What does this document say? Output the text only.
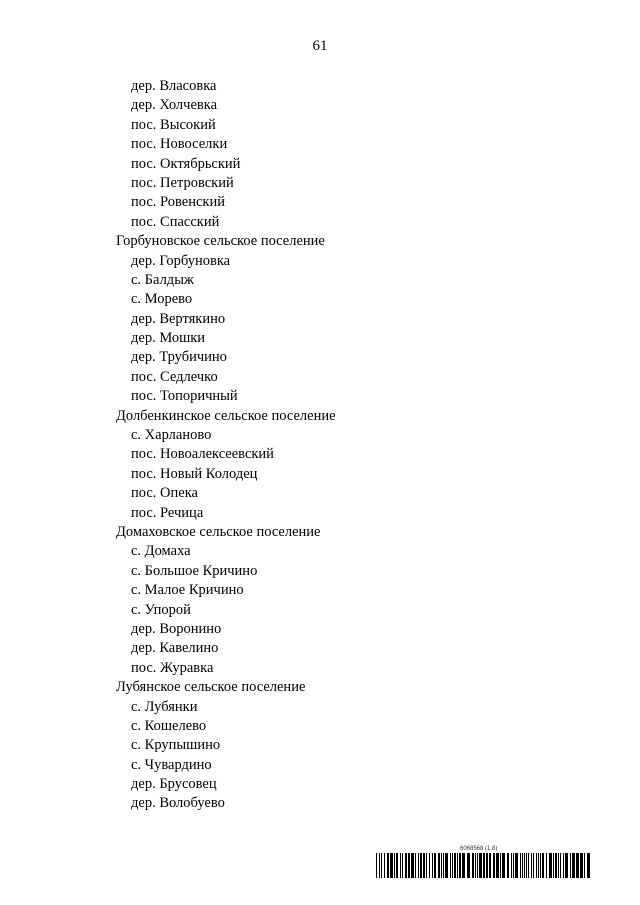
61
дер. Власовка
дер. Холчевка
пос. Высокий
пос. Новоселки
пос. Октябрьский
пос. Петровский
пос. Ровенский
пос. Спасский
Горбуновское сельское поселение
дер. Горбуновка
с. Балдыж
с. Морево
дер. Вертякино
дер. Мошки
дер. Трубичино
пос. Седлечко
пос. Топоричный
Долбенкинское сельское поселение
с. Харланово
пос. Новоалексеевский
пос. Новый Колодец
пос. Опека
пос. Речица
Домаховское сельское поселение
с. Домаха
с. Большое Кричино
с. Малое Кричино
с. Упорой
дер. Воронино
дер. Кавелино
пос. Журавка
Лубянское сельское поселение
с. Лубянки
с. Кошелево
с. Крупышино
с. Чувардино
дер. Брусовец
дер. Волобуево
6068568 (1.8)
